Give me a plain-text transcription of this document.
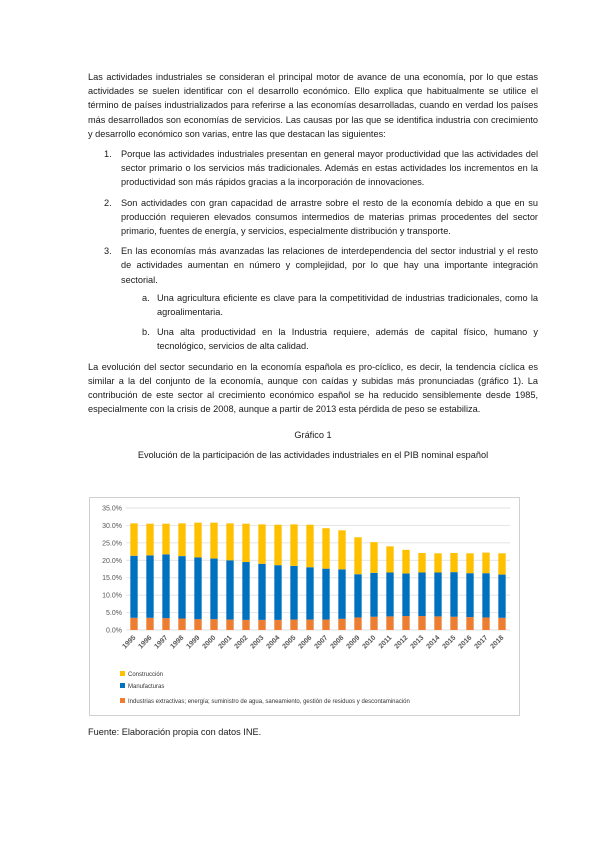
Las actividades industriales se consideran el principal motor de avance de una economía, por lo que estas actividades se suelen identificar con el desarrollo económico. Ello explica que habitualmente se utilice el término de países industrializados para referirse a las economías desarrolladas, cuando en verdad los países más desarrollados son economías de servicios. Las causas por las que se identifica industria con crecimiento y desarrollo económico son varias, entre las que destacan las siguientes:

1. Porque las actividades industriales presentan en general mayor productividad que las actividades del sector primario o los servicios más tradicionales. Además en estas actividades los incrementos en la productividad son más rápidos gracias a la incorporación de innovaciones.

2. Son actividades con gran capacidad de arrastre sobre el resto de la economía debido a que en su producción requieren elevados consumos intermedios de materias primas procedentes del sector primario, fuentes de energía, y servicios, especialmente distribución y transporte.

3. En las economías más avanzadas las relaciones de interdependencia del sector industrial y el resto de actividades aumentan en número y complejidad, por lo que hay una importante integración sectorial.

a. Una agricultura eficiente es clave para la competitividad de industrias tradicionales, como la agroalimentaria.

b. Una alta productividad en la Industria requiere, además de capital físico, humano y tecnológico, servicios de alta calidad.

La evolución del sector secundario en la economía española es pro-cíclico, es decir, la tendencia cíclica es similar a la del conjunto de la economía, aunque con caídas y subidas más pronunciadas (gráfico 1). La contribución de este sector al crecimiento económico español se ha reducido sensiblemente desde 1985, especialmente con la crisis de 2008, aunque a partir de 2013 esta pérdida de peso se estabiliza.

Gráfico 1
Evolución de la participación de las actividades industriales en el PIB nominal español
0.0%
5.0%
10.0%
15.0%
20.0%
25.0%
30.0%
35.0%
1995 1996 1997 1998 1999 2000 2001 2002 2003 2004 2005 2006 2007 2008 2009 2010 2011 2012 2013 2014 2015 2016 2017 2018
Construcción
Manufacturas
Industrias extractivas; energía; suministro de agua, saneamiento, gestión de residuos y descontaminación
Fuente: Elaboración propia con datos INE.
